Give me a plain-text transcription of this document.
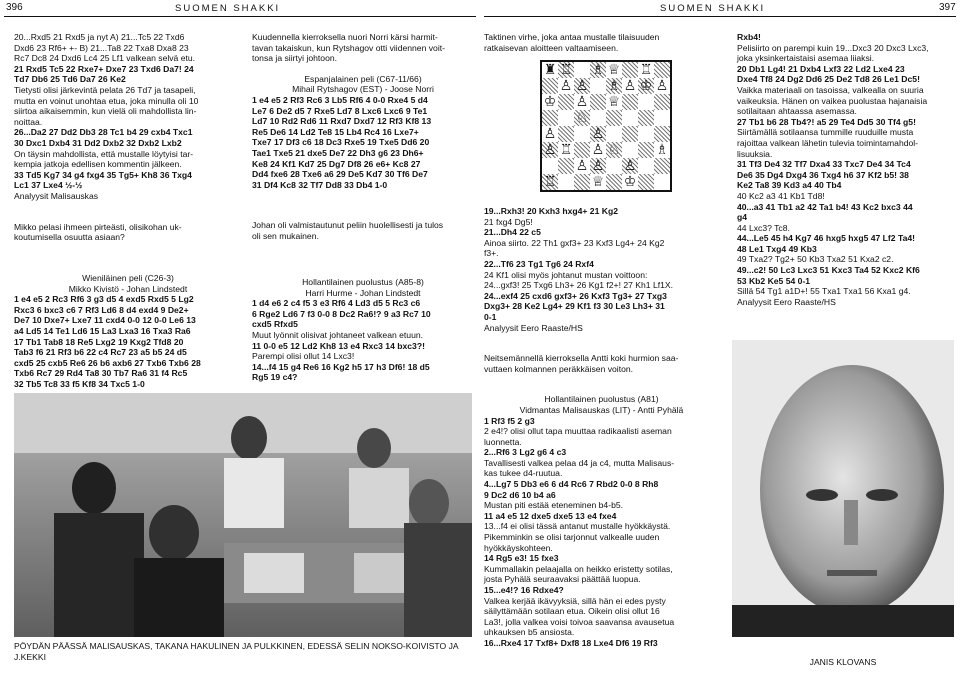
396	SUOMEN SHAKKI

20...Rxd5 21 Rxd5 ja nyt A) 21...Tc5 22 Txd6

Dxd6 23 Rf6+ +- B) 21...Ta8 22 Txa8 Dxa8 23

Rc7 Dc8 24 Dxd6 Lc4 25 Lf1 valkean selvä etu.

21 Rxd5 Tc5 22 Rxe7+ Dxe7 23 Txd6 Da7! 24

Td7 Db6 25 Td6 Da7 26 Ke2

Tietysti olisi järkevintä pelata 26 Td7 ja tasapeli,

mutta en voinut unohtaa etua, joka minulla oli 10

siirtoa aikaisemmin, kun vielä oli mahdollista lin-

noittaa.

26...Da2 27 Dd2 Db3 28 Tc1 b4 29 cxb4 Txc1

30 Dxc1 Dxb4 31 Dd2 Dxb2 32 Dxb2 Lxb2

On täysin mahdollista, että mustalle löytyisi tar-

kempia jatkoja edellisen kommentin jälkeen.

33 Td5 Kg7 34 g4 fxg4 35 Tg5+ Kh8 36 Txg4

Lc1 37 Lxe4 ½-½

Analyysit Malisauskas

Mikko pelasi ihmeen pirteästi, olisikohan uk-

koutumisella osuutta asiaan?

Kuudennella kierroksella nuori Norri kärsi harmit-

tavan takaiskun, kun Rytshagov otti viidennen voit-

tonsa ja siirtyi johtoon.

Espanjalainen peli (C67-11/66)

Mihail Rytshagov (EST) - Joose Norri

1 e4 e5 2 Rf3 Rc6 3 Lb5 Rf6 4 0-0 Rxe4 5 d4

Le7 6 De2 d5 7 Rxe5 Ld7 8 Lxc6 Lxc6 9 Te1

Ld7 10 Rd2 Rd6 11 Rxd7 Dxd7 12 Rf3 Kf8 13

Re5 De6 14 Ld2 Te8 15 Lb4 Rc4 16 Lxe7+

Txe7 17 Df3 c6 18 Dc3 Rxe5 19 Txe5 Dd6 20

Tae1 Txe5 21 dxe5 De7 22 Dh3 g6 23 Dh6+

Ke8 24 Kf1 Kd7 25 Dg7 Df8 26 e6+ Kc8 27

Dd4 fxe6 28 Txe6 a6 29 De5 Kd7 30 Tf6 De7

31 Df4 Kc8 32 Tf7 Dd8 33 Db4 1-0

Johan oli valmistautunut peliin huolellisesti ja tulos

oli sen mukainen.

Wieniläinen peli (C26-3)

Mikko Kivistö - Johan Lindstedt

1 e4 e5 2 Rc3 Rf6 3 g3 d5 4 exd5 Rxd5 5 Lg2

Rxc3 6 bxc3 c6 7 Rf3 Ld6 8 d4 exd4 9 De2+

De7 10 Dxe7+ Lxe7 11 cxd4 0-0 12 0-0 Le6 13

a4 Ld5 14 Te1 Ld6 15 La3 Lxa3 16 Txa3 Ra6

17 Tb1 Tab8 18 Re5 Lxg2 19 Kxg2 Tfd8 20

Tab3 f6 21 Rf3 b6 22 c4 Rc7 23 a5 b5 24 d5

cxd5 25 cxb5 Re6 26 b6 axb6 27 Txb6 Txb6 28

Txb6 Rc7 29 Rd4 Ta8 30 Tb7 Ra6 31 f4 Rc5

32 Tb5 Tc8 33 f5 Kf8 34 Txc5 1-0

Hollantilainen puolustus (A85-8)

Harri Hurme - Johan Lindstedt

1 d4 e6 2 c4 f5 3 e3 Rf6 4 Ld3 d5 5 Rc3 c6

6 Rge2 Ld6 7 f3 0-0 8 Dc2 Ra6!? 9 a3 Rc7 10

cxd5 Rfxd5

Muut lyönnit olisivat johtaneet valkean etuun.

11 0-0 e5 12 Ld2 Kh8 13 e4 Rxc3 14 bxc3?!

Parempi olisi ollut 14 Lxc3!

14...f4 15 g4 Re6 16 Kg2 h5 17 h3 Df6! 18 d5

Rg5 19 c4?

PÖYDÄN PÄÄSSÄ MALISAUSKAS, TAKANA HAKULINEN JA PULKKINEN, EDESSÄ SELIN NOKSO-KOIVISTO JA J.KEKKI
SUOMEN SHAKKI	397

Taktinen virhe, joka antaa mustalle tilaisuuden

ratkaisevan aloitteen valtaamiseen.

♜ ♖ ♗ ♕ ♖
♙ ♙ ♗ ♙ ♔ ♙
♔ ♙ ♕
♘
♙	♙
♙ ♖ ♙ ♘	♗
♙ ♙ ♙
♖	♕ ♔

19...Rxh3! 20 Kxh3 hxg4+ 21 Kg2

21 fxg4 Dg5!

21...Dh4 22 c5

Ainoa siirto. 22 Th1 gxf3+ 23 Kxf3 Lg4+ 24 Kg2

f3+.

22...Tf6 23 Tg1 Tg6 24 Rxf4

24 Kf1 olisi myös johtanut mustan voittoon:

24...gxf3! 25 Txg6 Lh3+ 26 Kg1 f2+! 27 Kh1 Lf1X.

24...exf4 25 cxd6 gxf3+ 26 Kxf3 Tg3+ 27 Txg3

Dxg3+ 28 Ke2 Lg4+ 29 Kf1 f3 30 Le3 Lh3+ 31

0-1

Analyysit Eero Raaste/HS

Neitsemännellä kierroksella Antti koki hurmion saa-

vuttaen kolmannen peräkkäisen voiton.

Hollantilainen puolustus (A81)

Vidmantas Malisauskas (LIT) - Antti Pyhälä

1 Rf3 f5 2 g3

2 e4!? olisi ollut tapa muuttaa radikaalisti aseman

luonnetta.

2...Rf6 3 Lg2 g6 4 c3

Tavallisesti valkea pelaa d4 ja c4, mutta Malisaus-

kas tukee d4-ruutua.

4...Lg7 5 Db3 e6 6 d4 Rc6 7 Rbd2 0-0 8 Rh8

9 Dc2 d6 10 b4 a6

Mustan piti estää eteneminen b4-b5.

11 a4 e5 12 dxe5 dxe5 13 e4 fxe4

13...f4 ei olisi tässä antanut mustalle hyökkäystä.

Pikemminkin se olisi tarjonnut valkealle uuden

hyökkäyskohteen.

14 Rg5 e3! 15 fxe3

Kummallakin pelaajalla on heikko eristetty sotilas,

josta Pyhälä seuraavaksi päättää luopua.

15...e4!? 16 Rdxe4?

Valkea kerjää ikävyyksiä, sillä hän ei edes pysty

säilyttämään sotilaan etua. Oikein olisi ollut 16

La3!, jolla valkea voisi toivoa saavansa avausetua

uhkauksen b5 ansiosta.

16...Rxe4 17 Txf8+ Dxf8 18 Lxe4 Df6 19 Rf3

Rxb4!

Pelisiirto on parempi kuin 19...Dxc3 20 Dxc3 Lxc3,

joka yksinkertaistaisi asemaa liiaksi.

20 Db1 Lg4! 21 Dxb4 Lxf3 22 Ld2 Lxe4 23

Dxe4 Tf8 24 Dg2 Dd6 25 De2 Td8 26 Le1 Dc5!

Vaikka materiaali on tasoissa, valkealla on suuria

vaikeuksia. Hänen on vaikea puolustaa hajanaisia

sotilaitaan ahtaassa asemassa.

27 Tb1 b6 28 Tb4?! a5 29 Te4 Dd5 30 Tf4 g5!

Siirtämällä sotilaansa tummille ruuduille musta

rajoittaa valkean lähetin tulevia toimintamahdol-

lisuuksia.

31 Tf3 De4 32 Tf7 Dxa4 33 Txc7 De4 34 Tc4

De6 35 Dg4 Dxg4 36 Txg4 h6 37 Kf2 b5! 38

Ke2 Ta8 39 Kd3 a4 40 Tb4

40 Kc2 a3 41 Kb1 Td8!

40...a3 41 Tb1 a2 42 Ta1 b4! 43 Kc2 bxc3 44

g4

44 Lxc3? Tc8.

44...Le5 45 h4 Kg7 46 hxg5 hxg5 47 Lf2 Ta4!

48 Le1 Txg4 49 Kb3

49 Txa2? Tg2+ 50 Kb3 Txa2 51 Kxa2 c2.

49...c2! 50 Lc3 Lxc3 51 Kxc3 Ta4 52 Kxc2 Kf6

53 Kb2 Ke5 54 0-1

Sillä 54 Tg1 a1D+! 55 Txa1 Txa1 56 Kxa1 g4.

Analyysit Eero Raaste/HS

JANIS KLOVANS
